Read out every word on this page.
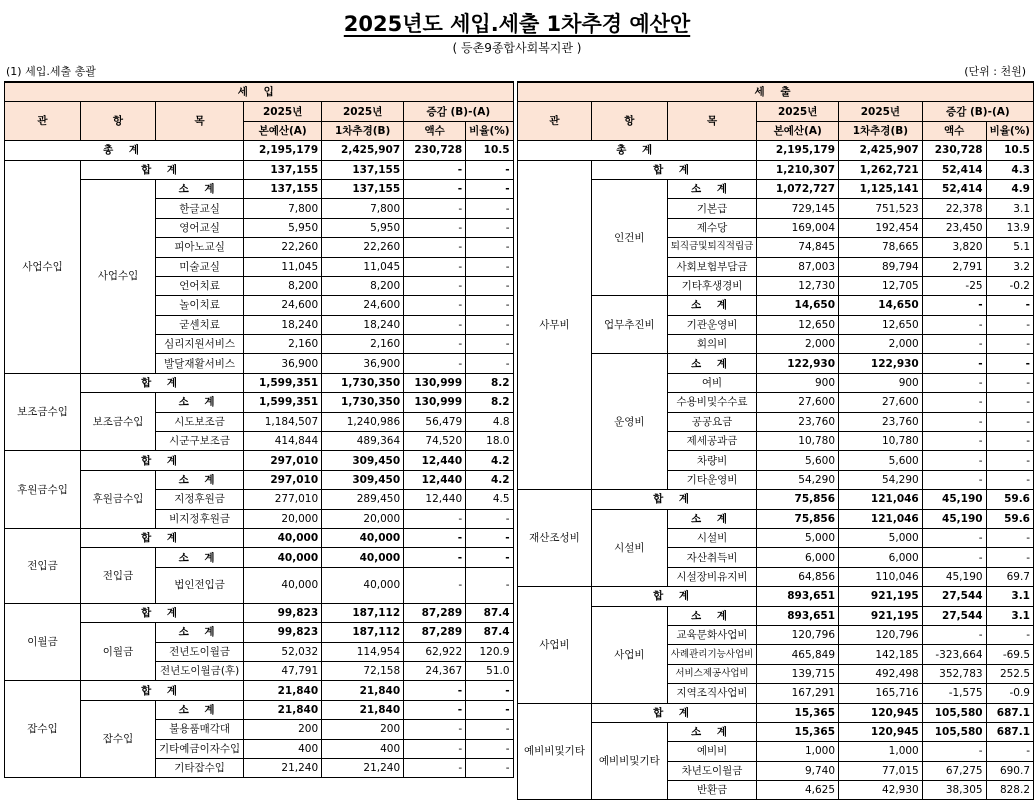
2025년도 세입.세출 1차추경 예산안
( 등촌9종합사회복지관 )
(1) 세입.세출 총괄	(단위 : 천원)
세 입						
관	항	목	2025년	2025년	증감 (B)-(A)	
			본예산(A)	1차추경(B)	액수	비율(%)
총 계			2,195,179	2,425,907	230,728	10.5
사업수입	합 계		137,155	137,155	-	-
	사업수입	소 계	137,155	137,155	-	-
		한글교실	7,800	7,800	-	-
		영어교실	5,950	5,950	-	-
		피아노교실	22,260	22,260	-	-
		미술교실	11,045	11,045	-	-
		언어치료	8,200	8,200	-	-
		놀이치료	24,600	24,600	-	-
		굳센치료	18,240	18,240	-	-
		심리지원서비스	2,160	2,160	-	-
		발달재활서비스	36,900	36,900	-	-
보조금수입	합 계		1,599,351	1,730,350	130,999	8.2
	보조금수입	소 계	1,599,351	1,730,350	130,999	8.2
		시도보조금	1,184,507	1,240,986	56,479	4.8
		시군구보조금	414,844	489,364	74,520	18.0
후원금수입	합 계		297,010	309,450	12,440	4.2
	후원금수입	소 계	297,010	309,450	12,440	4.2
		지정후원금	277,010	289,450	12,440	4.5
		비지정후원금	20,000	20,000	-	-
전입금	합 계		40,000	40,000	-	-
	전입금	소 계	40,000	40,000	-	-
		법인전입금	40,000	40,000	-	-
이월금	합 계		99,823	187,112	87,289	87.4
	이월금	소 계	99,823	187,112	87,289	87.4
		전년도이월금	52,032	114,954	62,922	120.9
		전년도이월금(후)	47,791	72,158	24,367	51.0
잡수입	합 계		21,840	21,840	-	-
	잡수입	소 계	21,840	21,840	-	-
		불용품매각대	200	200	-	-
		기타예금이자수입	400	400	-	-
		기타잡수입	21,240	21,240	-	-
세 출						
관	항	목	2025년	2025년	증감 (B)-(A)	
			본예산(A)	1차추경(B)	액수	비율(%)
총 계			2,195,179	2,425,907	230,728	10.5
사무비	합 계		1,210,307	1,262,721	52,414	4.3
	인건비	소 계	1,072,727	1,125,141	52,414	4.9
		기본급	729,145	751,523	22,378	3.1
		제수당	169,004	192,454	23,450	13.9
		퇴직금및퇴직적립금	74,845	78,665	3,820	5.1
		사회보험부담금	87,003	89,794	2,791	3.2
		기타후생경비	12,730	12,705	-25	-0.2
	업무추진비	소 계	14,650	14,650	-	-
		기관운영비	12,650	12,650	-	-
		회의비	2,000	2,000	-	-
	운영비	소 계	122,930	122,930	-	-
		여비	900	900	-	-
		수용비및수수료	27,600	27,600	-	-
		공공요금	23,760	23,760	-	-
		제세공과금	10,780	10,780	-	-
		차량비	5,600	5,600	-	-
		기타운영비	54,290	54,290	-	-
재산조성비	합 계		75,856	121,046	45,190	59.6
	시설비	소 계	75,856	121,046	45,190	59.6
		시설비	5,000	5,000	-	-
		자산취득비	6,000	6,000	-	-
		시설장비유지비	64,856	110,046	45,190	69.7
사업비	합 계		893,651	921,195	27,544	3.1
	사업비	소 계	893,651	921,195	27,544	3.1
		교육문화사업비	120,796	120,796	-	-
		사례관리기능사업비	465,849	142,185	-323,664	-69.5
		서비스제공사업비	139,715	492,498	352,783	252.5
		지역조직사업비	167,291	165,716	-1,575	-0.9
예비비및기타	합 계		15,365	120,945	105,580	687.1
	예비비및기타	소 계	15,365	120,945	105,580	687.1
		예비비	1,000	1,000	-	-
		차년도이월금	9,740	77,015	67,275	690.7
		반환금	4,625	42,930	38,305	828.2
